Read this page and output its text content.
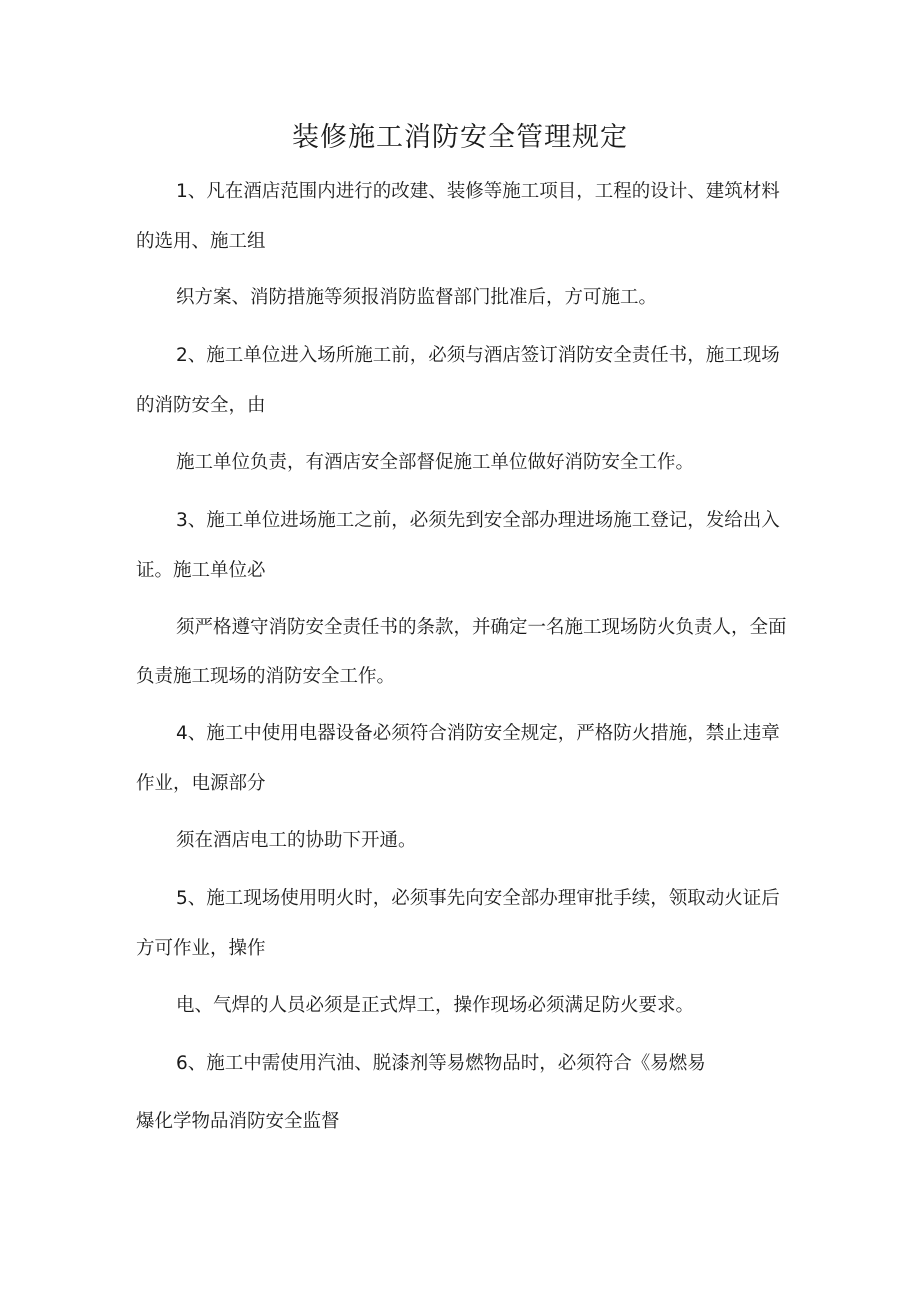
装修施工消防安全管理规定
1、凡在酒店范围内进行的改建、装修等施工项目，工程的设计、建筑材料
的选用、施工组
织方案、消防措施等须报消防监督部门批准后，方可施工。
2、施工单位进入场所施工前，必须与酒店签订消防安全责任书，施工现场
的消防安全，由
施工单位负责，有酒店安全部督促施工单位做好消防安全工作。
3、施工单位进场施工之前，必须先到安全部办理进场施工登记，发给出入
证。施工单位必
须严格遵守消防安全责任书的条款，并确定一名施工现场防火负责人，全面
负责施工现场的消防安全工作。
4、施工中使用电器设备必须符合消防安全规定，严格防火措施，禁止违章
作业，电源部分
须在酒店电工的协助下开通。
5、施工现场使用明火时，必须事先向安全部办理审批手续，领取动火证后
方可作业，操作
电、气焊的人员必须是正式焊工，操作现场必须满足防火要求。
6、施工中需使用汽油、脱漆剂等易燃物品时，必须符合《易燃易
爆化学物品消防安全监督
